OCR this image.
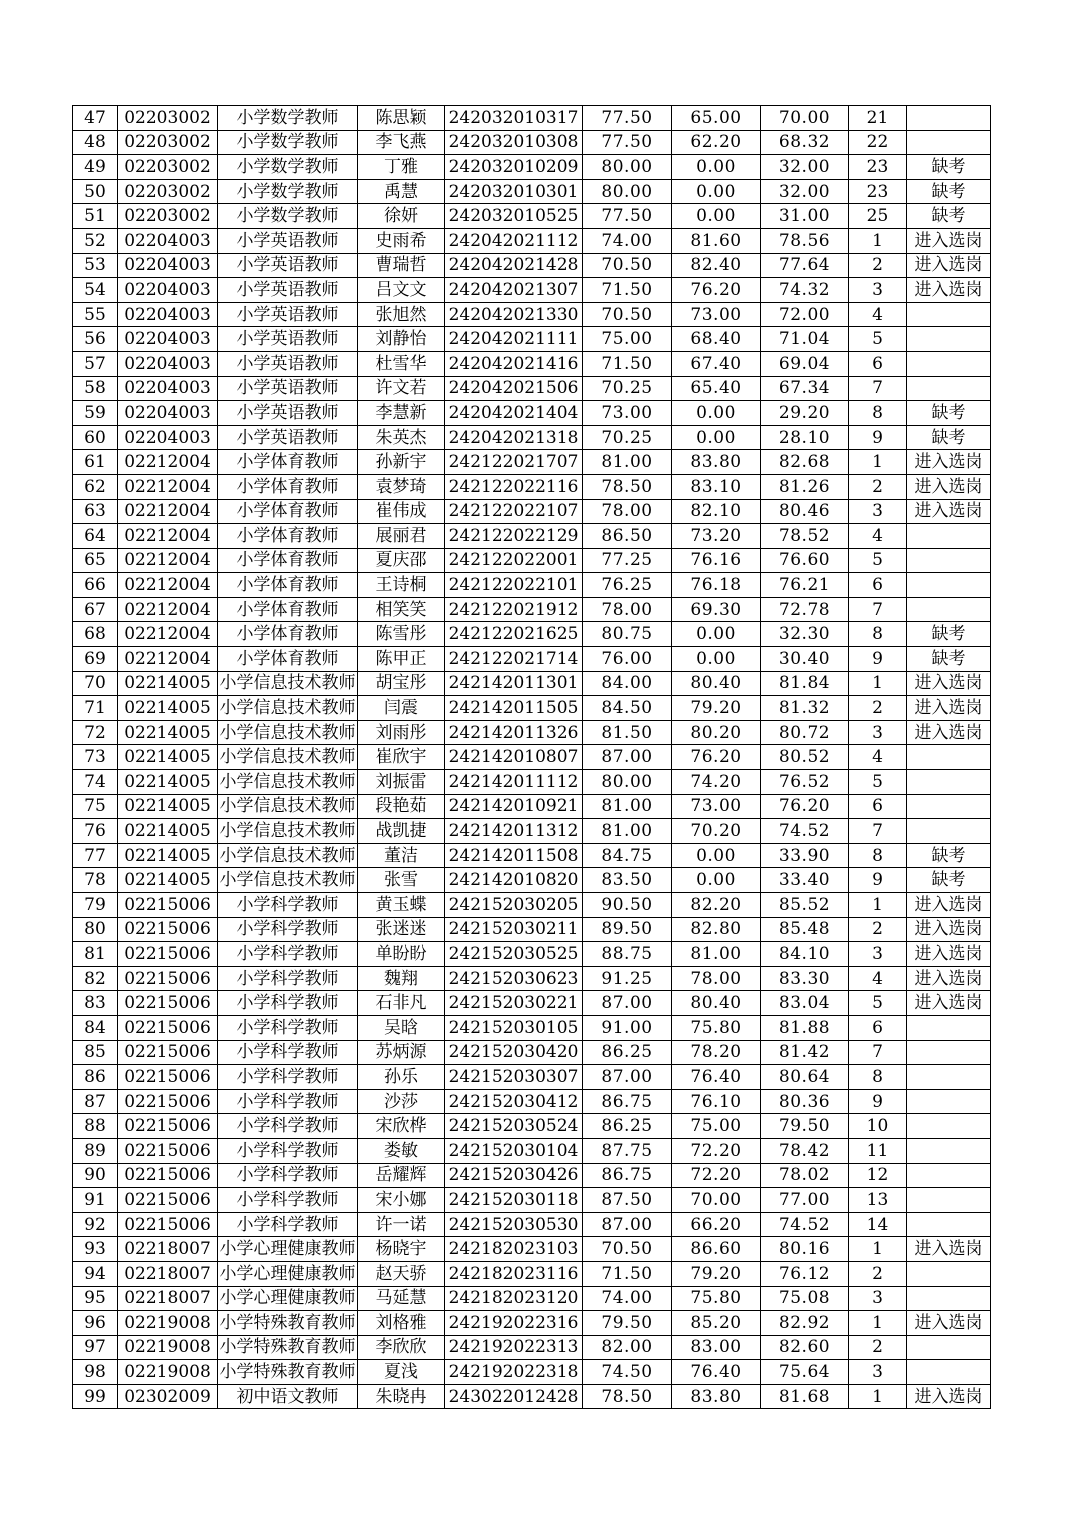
47	02203002	小学数学教师	陈思颖	242032010317	77.50	65.00	70.00	21	
48	02203002	小学数学教师	李飞燕	242032010308	77.50	62.20	68.32	22	
49	02203002	小学数学教师	丁雅	242032010209	80.00	0.00	32.00	23	缺考
50	02203002	小学数学教师	禹慧	242032010301	80.00	0.00	32.00	23	缺考
51	02203002	小学数学教师	徐妍	242032010525	77.50	0.00	31.00	25	缺考
52	02204003	小学英语教师	史雨希	242042021112	74.00	81.60	78.56	1	进入选岗
53	02204003	小学英语教师	曹瑞哲	242042021428	70.50	82.40	77.64	2	进入选岗
54	02204003	小学英语教师	吕文文	242042021307	71.50	76.20	74.32	3	进入选岗
55	02204003	小学英语教师	张旭然	242042021330	70.50	73.00	72.00	4	
56	02204003	小学英语教师	刘静怡	242042021111	75.00	68.40	71.04	5	
57	02204003	小学英语教师	杜雪华	242042021416	71.50	67.40	69.04	6	
58	02204003	小学英语教师	许文若	242042021506	70.25	65.40	67.34	7	
59	02204003	小学英语教师	李慧新	242042021404	73.00	0.00	29.20	8	缺考
60	02204003	小学英语教师	朱英杰	242042021318	70.25	0.00	28.10	9	缺考
61	02212004	小学体育教师	孙新宇	242122021707	81.00	83.80	82.68	1	进入选岗
62	02212004	小学体育教师	袁梦琦	242122022116	78.50	83.10	81.26	2	进入选岗
63	02212004	小学体育教师	崔伟成	242122022107	78.00	82.10	80.46	3	进入选岗
64	02212004	小学体育教师	展丽君	242122022129	86.50	73.20	78.52	4	
65	02212004	小学体育教师	夏庆邵	242122022001	77.25	76.16	76.60	5	
66	02212004	小学体育教师	王诗桐	242122022101	76.25	76.18	76.21	6	
67	02212004	小学体育教师	相笑笑	242122021912	78.00	69.30	72.78	7	
68	02212004	小学体育教师	陈雪彤	242122021625	80.75	0.00	32.30	8	缺考
69	02212004	小学体育教师	陈甲正	242122021714	76.00	0.00	30.40	9	缺考
70	02214005	小学信息技术教师	胡宝彤	242142011301	84.00	80.40	81.84	1	进入选岗
71	02214005	小学信息技术教师	闫震	242142011505	84.50	79.20	81.32	2	进入选岗
72	02214005	小学信息技术教师	刘雨彤	242142011326	81.50	80.20	80.72	3	进入选岗
73	02214005	小学信息技术教师	崔欣宇	242142010807	87.00	76.20	80.52	4	
74	02214005	小学信息技术教师	刘振雷	242142011112	80.00	74.20	76.52	5	
75	02214005	小学信息技术教师	段艳茹	242142010921	81.00	73.00	76.20	6	
76	02214005	小学信息技术教师	战凯捷	242142011312	81.00	70.20	74.52	7	
77	02214005	小学信息技术教师	董洁	242142011508	84.75	0.00	33.90	8	缺考
78	02214005	小学信息技术教师	张雪	242142010820	83.50	0.00	33.40	9	缺考
79	02215006	小学科学教师	黄玉蝶	242152030205	90.50	82.20	85.52	1	进入选岗
80	02215006	小学科学教师	张迷迷	242152030211	89.50	82.80	85.48	2	进入选岗
81	02215006	小学科学教师	单盼盼	242152030525	88.75	81.00	84.10	3	进入选岗
82	02215006	小学科学教师	魏翔	242152030623	91.25	78.00	83.30	4	进入选岗
83	02215006	小学科学教师	石非凡	242152030221	87.00	80.40	83.04	5	进入选岗
84	02215006	小学科学教师	吴晗	242152030105	91.00	75.80	81.88	6	
85	02215006	小学科学教师	苏炳源	242152030420	86.25	78.20	81.42	7	
86	02215006	小学科学教师	孙乐	242152030307	87.00	76.40	80.64	8	
87	02215006	小学科学教师	沙莎	242152030412	86.75	76.10	80.36	9	
88	02215006	小学科学教师	宋欣桦	242152030524	86.25	75.00	79.50	10	
89	02215006	小学科学教师	娄敏	242152030104	87.75	72.20	78.42	11	
90	02215006	小学科学教师	岳耀辉	242152030426	86.75	72.20	78.02	12	
91	02215006	小学科学教师	宋小娜	242152030118	87.50	70.00	77.00	13	
92	02215006	小学科学教师	许一诺	242152030530	87.00	66.20	74.52	14	
93	02218007	小学心理健康教师	杨晓宇	242182023103	70.50	86.60	80.16	1	进入选岗
94	02218007	小学心理健康教师	赵天骄	242182023116	71.50	79.20	76.12	2	
95	02218007	小学心理健康教师	马延慧	242182023120	74.00	75.80	75.08	3	
96	02219008	小学特殊教育教师	刘格雅	242192022316	79.50	85.20	82.92	1	进入选岗
97	02219008	小学特殊教育教师	李欣欣	242192022313	82.00	83.00	82.60	2	
98	02219008	小学特殊教育教师	夏浅	242192022318	74.50	76.40	75.64	3	
99	02302009	初中语文教师	朱晓冉	243022012428	78.50	83.80	81.68	1	进入选岗
